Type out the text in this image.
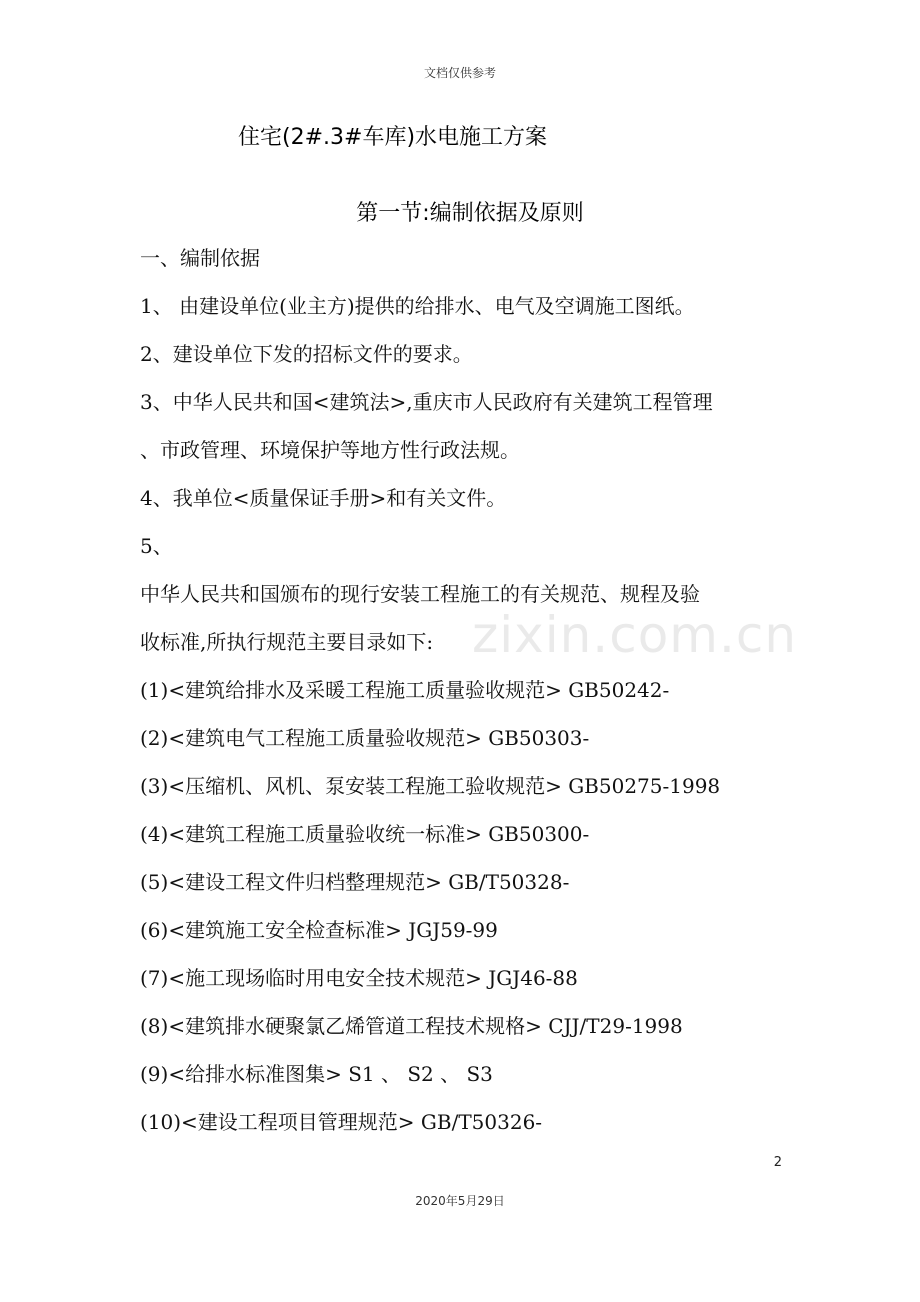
文档仅供参考
住宅(2#.3#车库)水电施工方案
第一节:编制依据及原则
一、编制依据
1、 由建设单位(业主方)提供的给排水、电气及空调施工图纸。
2、建设单位下发的招标文件的要求。
3、中华人民共和国<建筑法>,重庆市人民政府有关建筑工程管理
、市政管理、环境保护等地方性行政法规。
4、我单位<质量保证手册>和有关文件。
5、
中华人民共和国颁布的现行安装工程施工的有关规范、规程及验
收标准,所执行规范主要目录如下:
(1)<建筑给排水及采暖工程施工质量验收规范> GB50242-
(2)<建筑电气工程施工质量验收规范> GB50303-
(3)<压缩机、风机、泵安装工程施工验收规范> GB50275-1998
(4)<建筑工程施工质量验收统一标准> GB50300-
(5)<建设工程文件归档整理规范> GB/T50328-
(6)<建筑施工安全检查标准> JGJ59-99
(7)<施工现场临时用电安全技术规范> JGJ46-88
(8)<建筑排水硬聚氯乙烯管道工程技术规格> CJJ/T29-1998
(9)<给排水标准图集> S1 、 S2 、 S3
(10)<建设工程项目管理规范> GB/T50326-
zixin.com.cn
2
2020年5月29日
